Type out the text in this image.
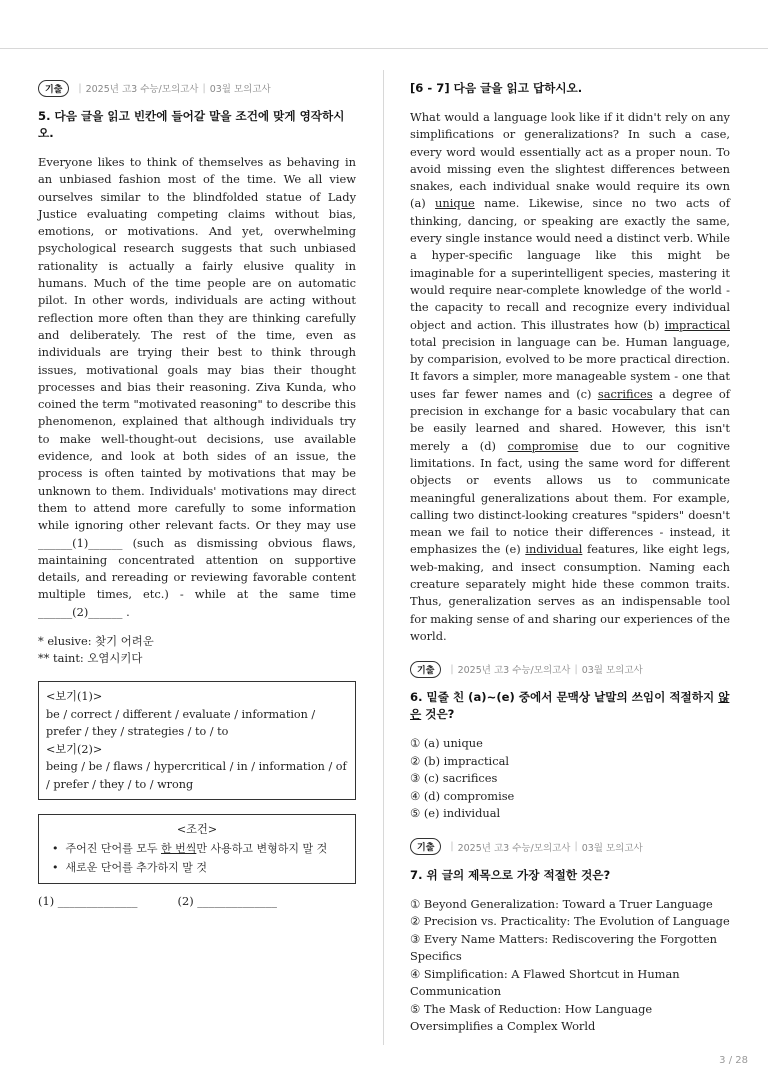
기출	| 2025년 고3 수능/모의고사 | 03월 모의고사
5. 다음 글을 읽고 빈칸에 들어갈 말을 조건에 맞게 영작하시오.

Everyone likes to think of themselves as behaving in an unbiased fashion most of the time. We all view ourselves similar to the blindfolded statue of Lady Justice evaluating competing claims without bias, emotions, or motivations. And yet, overwhelming psychological research suggests that such unbiased rationality is actually a fairly elusive quality in humans. Much of the time people are on automatic pilot. In other words, individuals are acting without reflection more often than they are thinking carefully and deliberately. The rest of the time, even as individuals are trying their best to think through issues, motivational goals may bias their thought processes and bias their reasoning. Ziva Kunda, who coined the term "motivated reasoning" to describe this phenomenon, explained that although individuals try to make well-thought-out decisions, use available evidence, and look at both sides of an issue, the process is often tainted by motivations that may be unknown to them. Individuals' motivations may direct them to attend more carefully to some information while ignoring other relevant facts. Or they may use ______(1)______ (such as dismissing obvious flaws, maintaining concentrated attention on supportive details, and rereading or reviewing favorable content multiple times, etc.) - while at the same time ______(2)______ .

* elusive: 찾기 어려운
** taint: 오염시키다
<보기(1)>
be / correct / different / evaluate / information / prefer / they / strategies / to / to
<보기(2)>
being / be / flaws / hypercritical / in / information / of / prefer / they / to / wrong
<조건>
•  주어진 단어를 모두 한 번씩만 사용하고 변형하지 말 것
•  새로운 단어를 추가하지 말 것
(1) ______________	(2) ______________
[6 - 7] 다음 글을 읽고 답하시오.

What would a language look like if it didn't rely on any simplifications or generalizations? In such a case, every word would essentially act as a proper noun. To avoid missing even the slightest differences between snakes, each individual snake would require its own (a) unique name. Likewise, since no two acts of thinking, dancing, or speaking are exactly the same, every single instance would need a distinct verb. While a hyper-specific language like this might be imaginable for a superintelligent species, mastering it would require near-complete knowledge of the world - the capacity to recall and recognize every individual object and action. This illustrates how (b) impractical total precision in language can be. Human language, by comparision, evolved to be more practical direction. It favors a simpler, more manageable system - one that uses far fewer names and (c) sacrifices a degree of precision in exchange for a basic vocabulary that can be easily learned and shared. However, this isn't merely a (d) compromise due to our cognitive limitations. In fact, using the same word for different objects or events allows us to communicate meaningful generalizations about them. For example, calling two distinct-looking creatures "spiders" doesn't mean we fail to notice their differences - instead, it emphasizes the (e) individual features, like eight legs, web-making, and insect consumption. Naming each creature separately might hide these common traits. Thus, generalization serves as an indispensable tool for making sense of and sharing our experiences of the world.

기출	| 2025년 고3 수능/모의고사 | 03월 모의고사
6. 밑줄 친 (a)~(e) 중에서 문맥상 낱말의 쓰임이 적절하지 않은 것은?
① (a) unique
② (b) impractical
③ (c) sacrifices
④ (d) compromise
⑤ (e) individual
기출	| 2025년 고3 수능/모의고사 | 03월 모의고사
7. 위 글의 제목으로 가장 적절한 것은?
① Beyond Generalization: Toward a Truer Language
② Precision vs. Practicality: The Evolution of Language
③ Every Name Matters: Rediscovering the Forgotten Specifics
④ Simplification: A Flawed Shortcut in Human Communication
⑤ The Mask of Reduction: How Language Oversimplifies a Complex World
3 / 28
